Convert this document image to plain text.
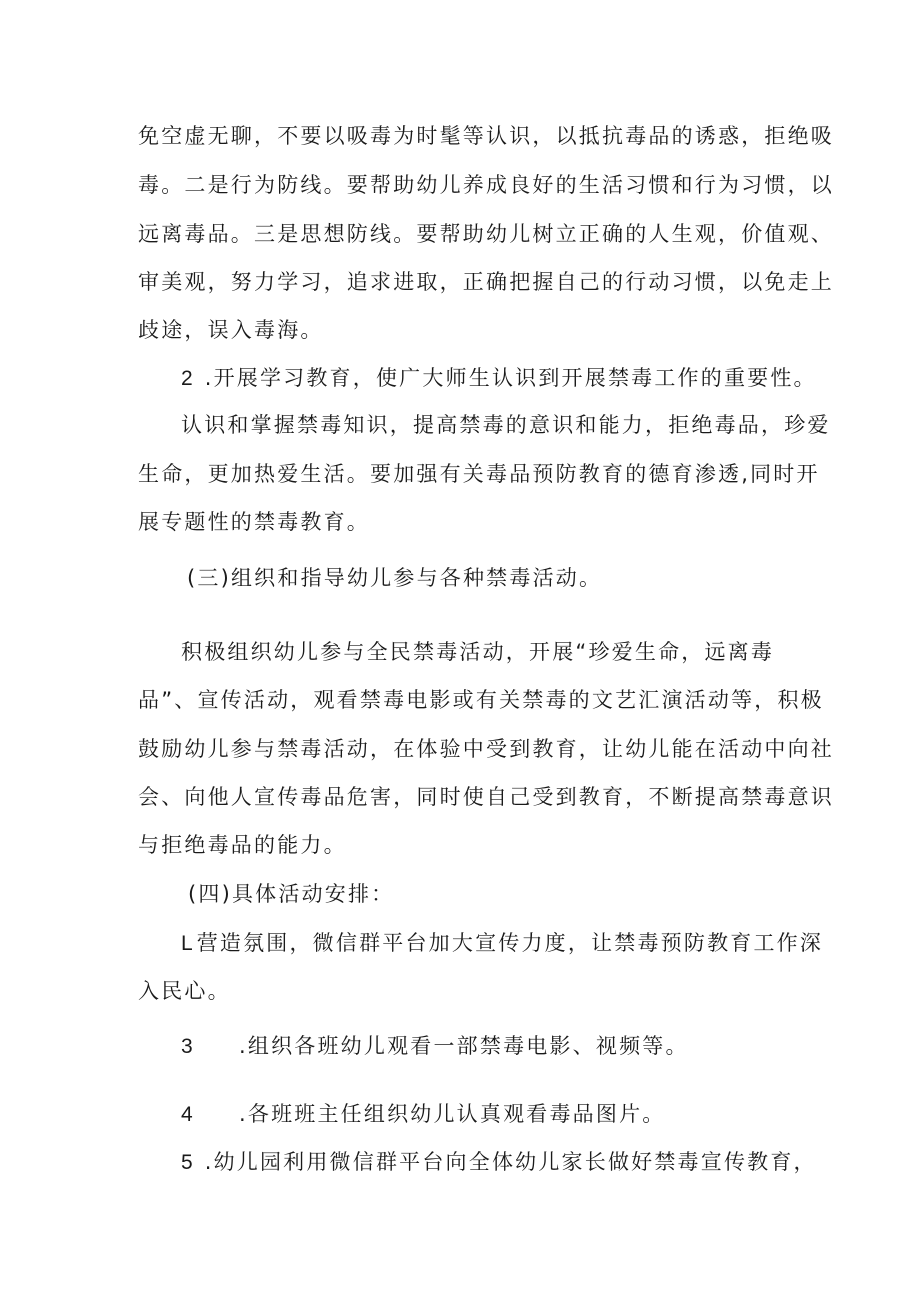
免空虚无聊，不要以吸毒为时髦等认识，以抵抗毒品的诱惑，拒绝吸

毒。二是行为防线。要帮助幼儿养成良好的生活习惯和行为习惯，以

远离毒品。三是思想防线。要帮助幼儿树立正确的人生观，价值观、

审美观，努力学习，追求进取，正确把握自己的行动习惯，以免走上

歧途，误入毒海。

2 .开展学习教育，使广大师生认识到开展禁毒工作的重要性。

认识和掌握禁毒知识，提高禁毒的意识和能力，拒绝毒品，珍爱

生命，更加热爱生活。要加强有关毒品预防教育的德育渗透,同时开

展专题性的禁毒教育。

(三)组织和指导幼儿参与各种禁毒活动。

积极组织幼儿参与全民禁毒活动，开展“珍爱生命，远离毒

品”、宣传活动，观看禁毒电影或有关禁毒的文艺汇演活动等，积极

鼓励幼儿参与禁毒活动，在体验中受到教育，让幼儿能在活动中向社

会、向他人宣传毒品危害，同时使自己受到教育，不断提高禁毒意识

与拒绝毒品的能力。

(四)具体活动安排：

L 营造氛围，微信群平台加大宣传力度，让禁毒预防教育工作深

入民心。

3 .组织各班幼儿观看一部禁毒电影、视频等。

4 .各班班主任组织幼儿认真观看毒品图片。

5 .幼儿园利用微信群平台向全体幼儿家长做好禁毒宣传教育，
